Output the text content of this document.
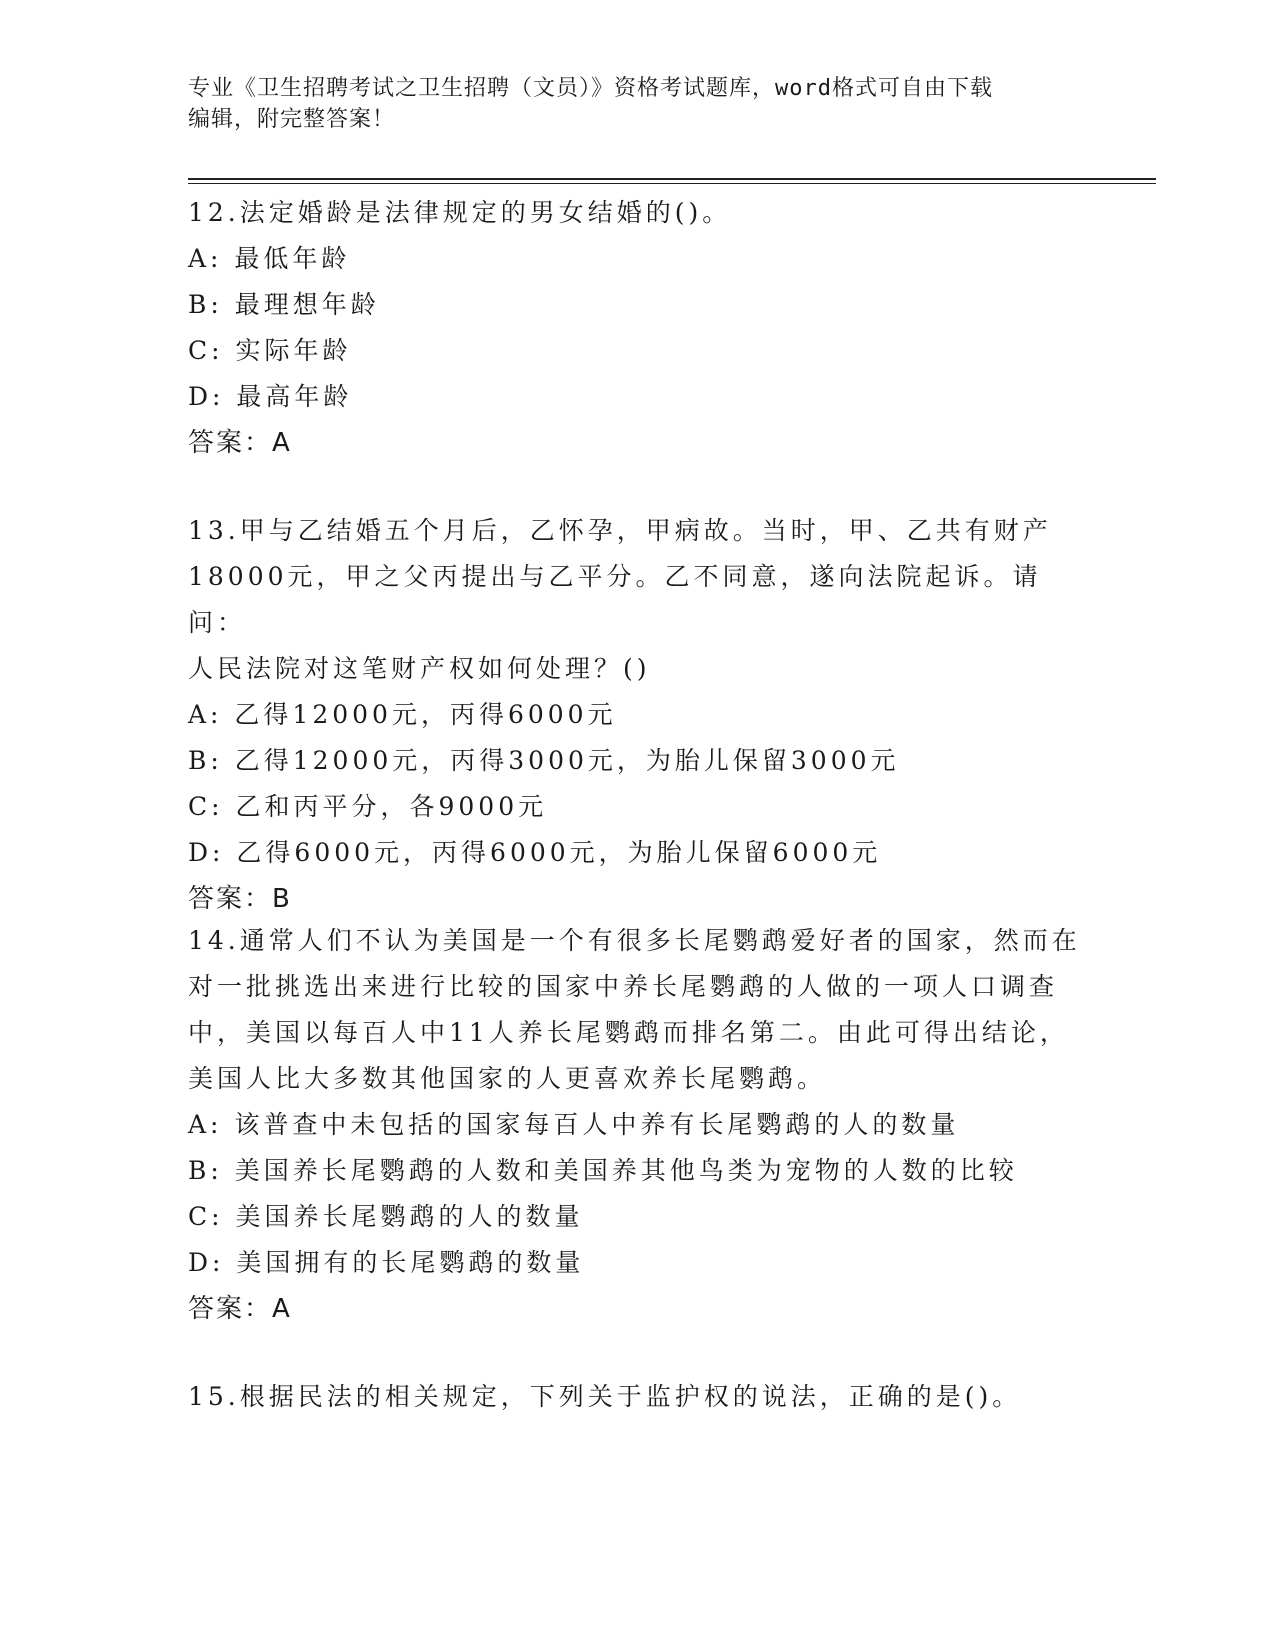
专业《卫生招聘考试之卫生招聘（文员）》资格考试题库，word格式可自由下载
编辑，附完整答案！
12.法定婚龄是法律规定的男女结婚的()。
A: 最低年龄
B: 最理想年龄
C: 实际年龄
D: 最高年龄
答案：A
13.甲与乙结婚五个月后，乙怀孕，甲病故。当时，甲、乙共有财产
18000元，甲之父丙提出与乙平分。乙不同意，遂向法院起诉。请问：
人民法院对这笔财产权如何处理？()
A: 乙得12000元，丙得6000元
B: 乙得12000元，丙得3000元，为胎儿保留3000元
C: 乙和丙平分，各9000元
D: 乙得6000元，丙得6000元，为胎儿保留6000元
答案：B
14.通常人们不认为美国是一个有很多长尾鹦鹉爱好者的国家，然而在
对一批挑选出来进行比较的国家中养长尾鹦鹉的人做的一项人口调查
中，美国以每百人中11人养长尾鹦鹉而排名第二。由此可得出结论，
美国人比大多数其他国家的人更喜欢养长尾鹦鹉。
A: 该普查中未包括的国家每百人中养有长尾鹦鹉的人的数量
B: 美国养长尾鹦鹉的人数和美国养其他鸟类为宠物的人数的比较
C: 美国养长尾鹦鹉的人的数量
D: 美国拥有的长尾鹦鹉的数量
答案：A
15.根据民法的相关规定，下列关于监护权的说法，正确的是()。
